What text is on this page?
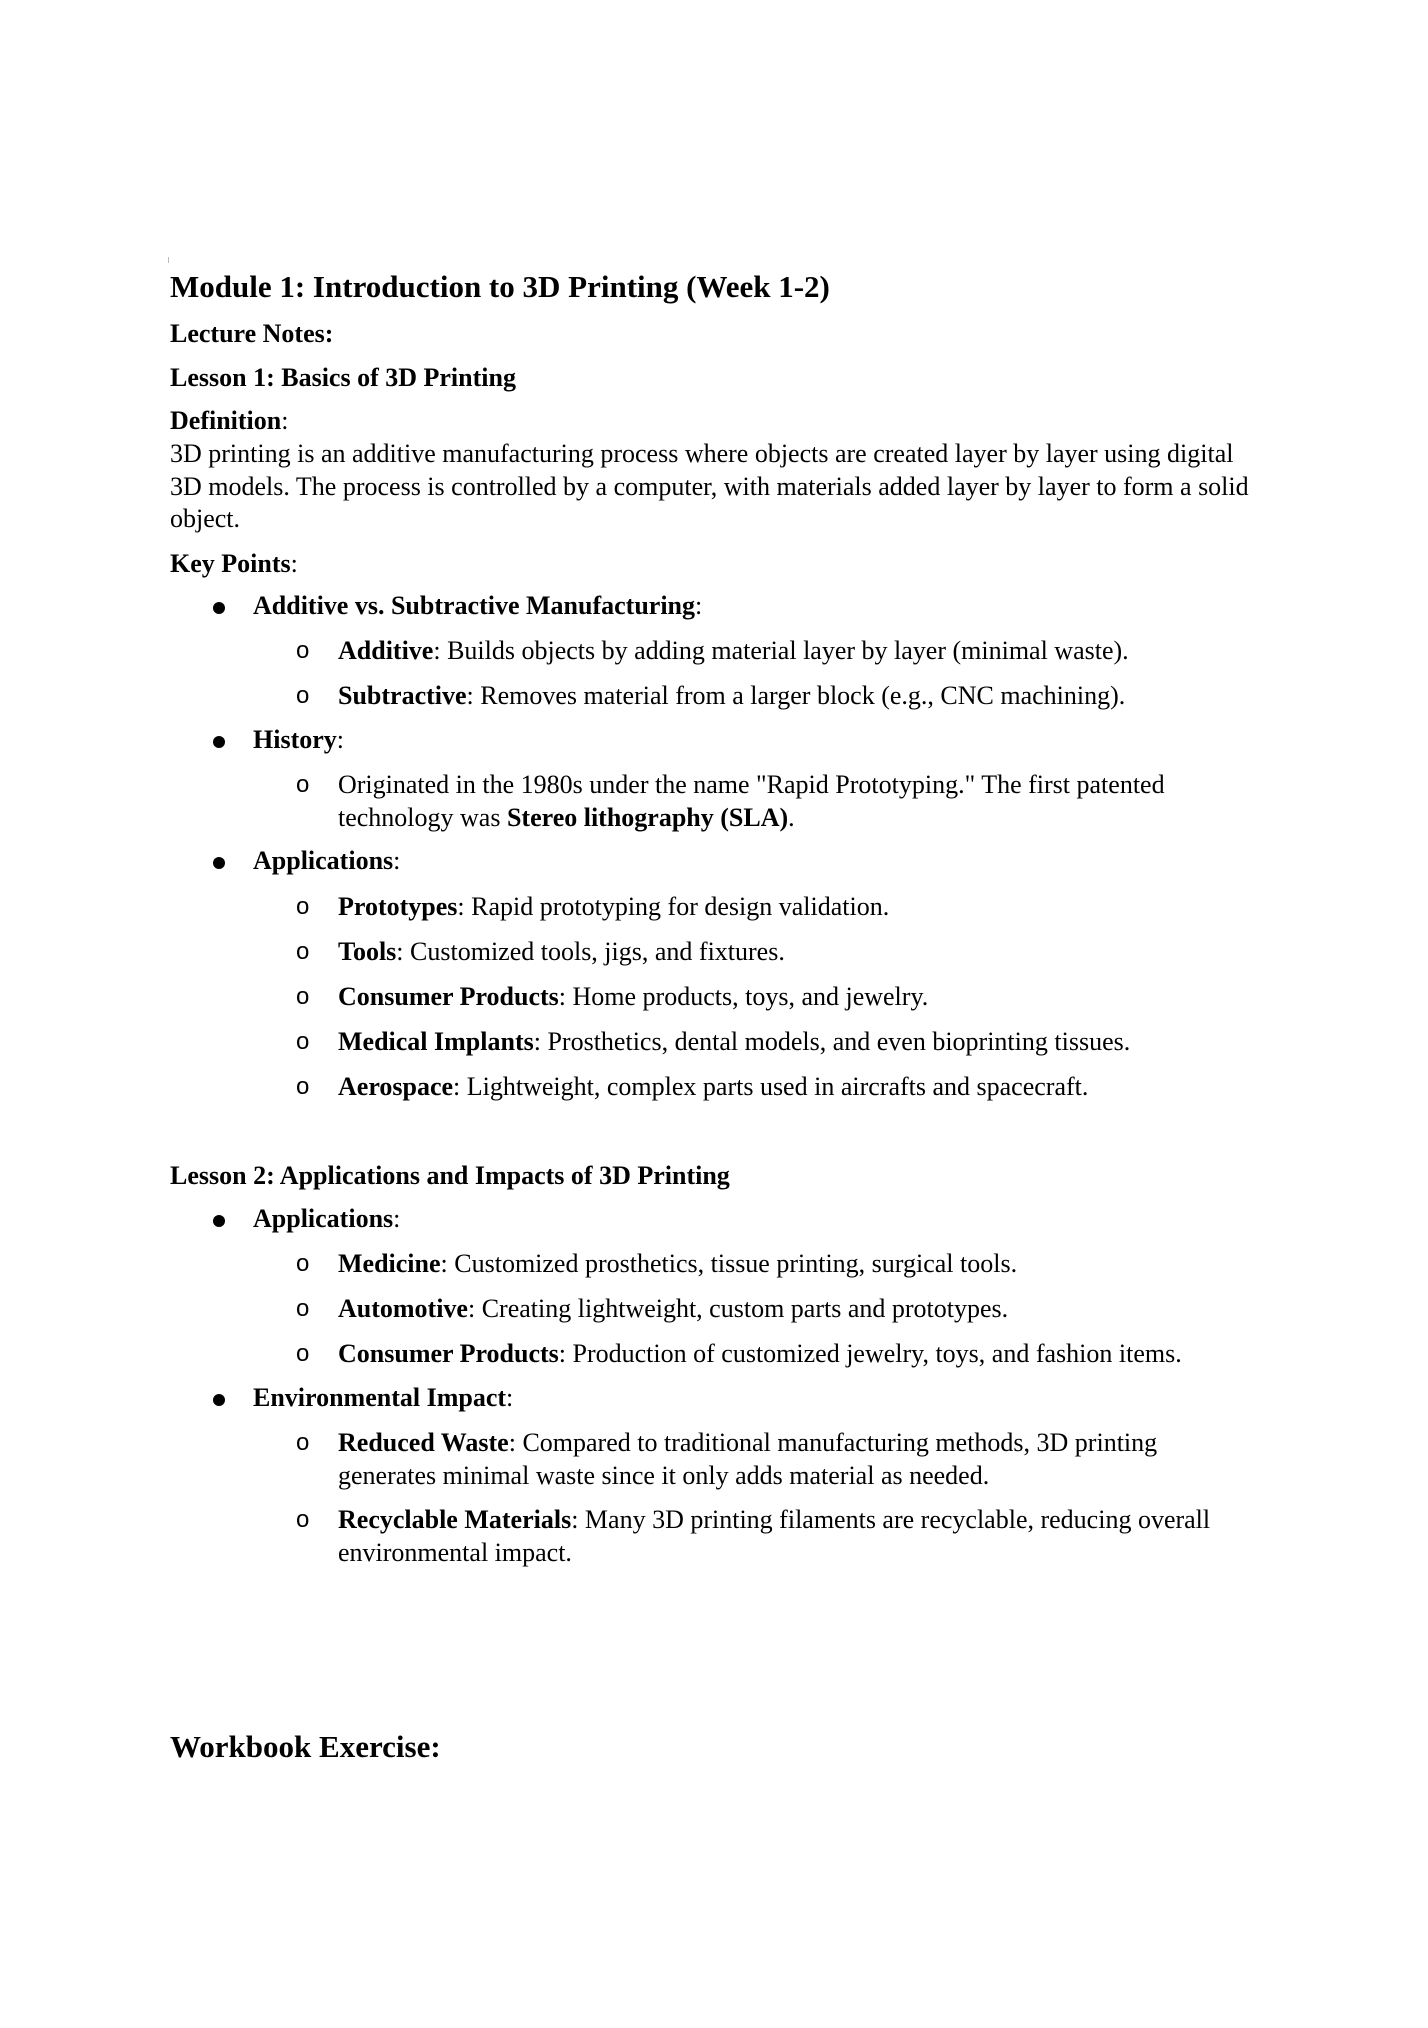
Module 1: Introduction to 3D Printing (Week 1-2)

Lecture Notes:

Lesson 1: Basics of 3D Printing

Definition:

3D printing is an additive manufacturing process where objects are created layer by layer using digital 3D models. The process is controlled by a computer, with materials added layer by layer to form a solid object.

Key Points:

Additive vs. Subtractive Manufacturing:

o Additive: Builds objects by adding material layer by layer (minimal waste).

o Subtractive: Removes material from a larger block (e.g., CNC machining).

History:

o Originated in the 1980s under the name "Rapid Prototyping." The first patented technology was Stereo lithography (SLA).

Applications:

o Prototypes: Rapid prototyping for design validation.

o Tools: Customized tools, jigs, and fixtures.

o Consumer Products: Home products, toys, and jewelry.

o Medical Implants: Prosthetics, dental models, and even bioprinting tissues.

o Aerospace: Lightweight, complex parts used in aircrafts and spacecraft.

Lesson 2: Applications and Impacts of 3D Printing

Applications:

o Medicine: Customized prosthetics, tissue printing, surgical tools.

o Automotive: Creating lightweight, custom parts and prototypes.

o Consumer Products: Production of customized jewelry, toys, and fashion items.

Environmental Impact:

o Reduced Waste: Compared to traditional manufacturing methods, 3D printing generates minimal waste since it only adds material as needed.

o Recyclable Materials: Many 3D printing filaments are recyclable, reducing overall environmental impact.

Workbook Exercise:
